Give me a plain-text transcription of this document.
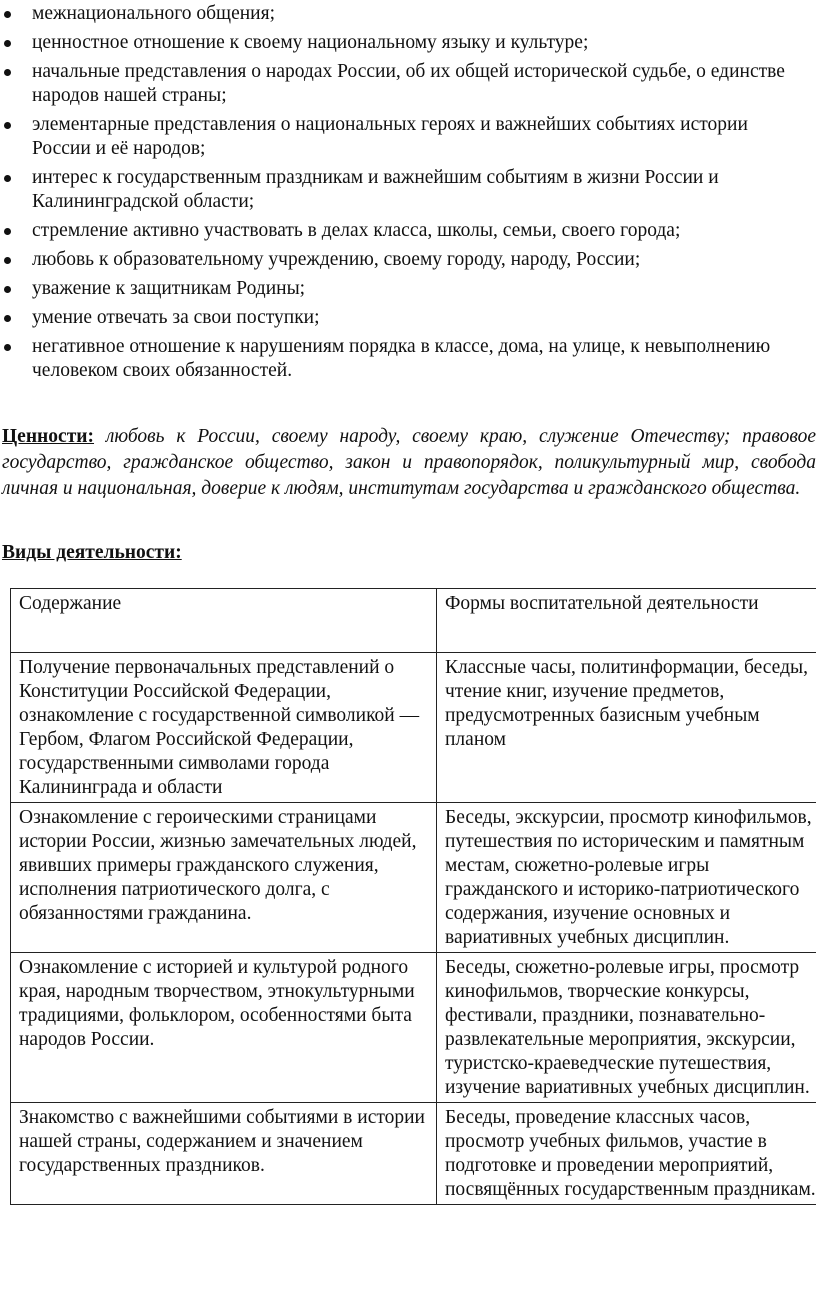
межнационального общения;
ценностное отношение к своему национальному языку и культуре;
начальные представления о народах России, об их общей исторической судьбе, о единстве народов нашей страны;
элементарные представления о национальных героях и важнейших событиях истории России и её народов;
интерес к государственным праздникам и важнейшим событиям в жизни России и Калининградской области;
стремление активно участвовать в делах класса, школы, семьи, своего города;
любовь к образовательному учреждению, своему городу, народу, России;
уважение к защитникам Родины;
умение отвечать за свои поступки;
негативное отношение к нарушениям порядка в классе, дома, на улице, к невыполнению человеком своих обязанностей.
Ценности: любовь к России, своему народу, своему краю, служение Отечеству; правовое государство, гражданское общество, закон и правопорядок, поликультурный мир, свобода личная и национальная, доверие к людям, институтам государства и гражданского общества.
Виды деятельности:
Содержание	Формы воспитательной деятельности
Получение первоначальных представлений о Конституции Российской Федерации, ознакомление с государственной символикой — Гербом, Флагом Российской Федерации, государственными символами города Калининграда и области	Классные часы, политинформации, беседы, чтение книг, изучение предметов, предусмотренных базисным учебным планом
Ознакомление с героическими страницами истории России, жизнью замечательных людей, явивших примеры гражданского служения, исполнения патриотического долга, с обязанностями гражданина.	Беседы, экскурсии, просмотр кинофильмов, путешествия по историческим и памятным местам, сюжетно-ролевые игры гражданского и историко-патриотического содержания, изучение основных и вариативных учебных дисциплин.
Ознакомление с историей и культурой родного края, народным творчеством, этнокультурными традициями, фольклором, особенностями быта народов России.	Беседы, сюжетно-ролевые игры, просмотр кинофильмов, творческие конкурсы, фестивали, праздники, познавательно-развлекательные мероприятия, экскурсии, туристско-краеведческие путешествия, изучение вариативных учебных дисциплин.
Знакомство с важнейшими событиями в истории нашей страны, содержанием и значением государственных праздников.	Беседы, проведение классных часов, просмотр учебных фильмов, участие в подготовке и проведении мероприятий, посвящённых государственным праздникам.
